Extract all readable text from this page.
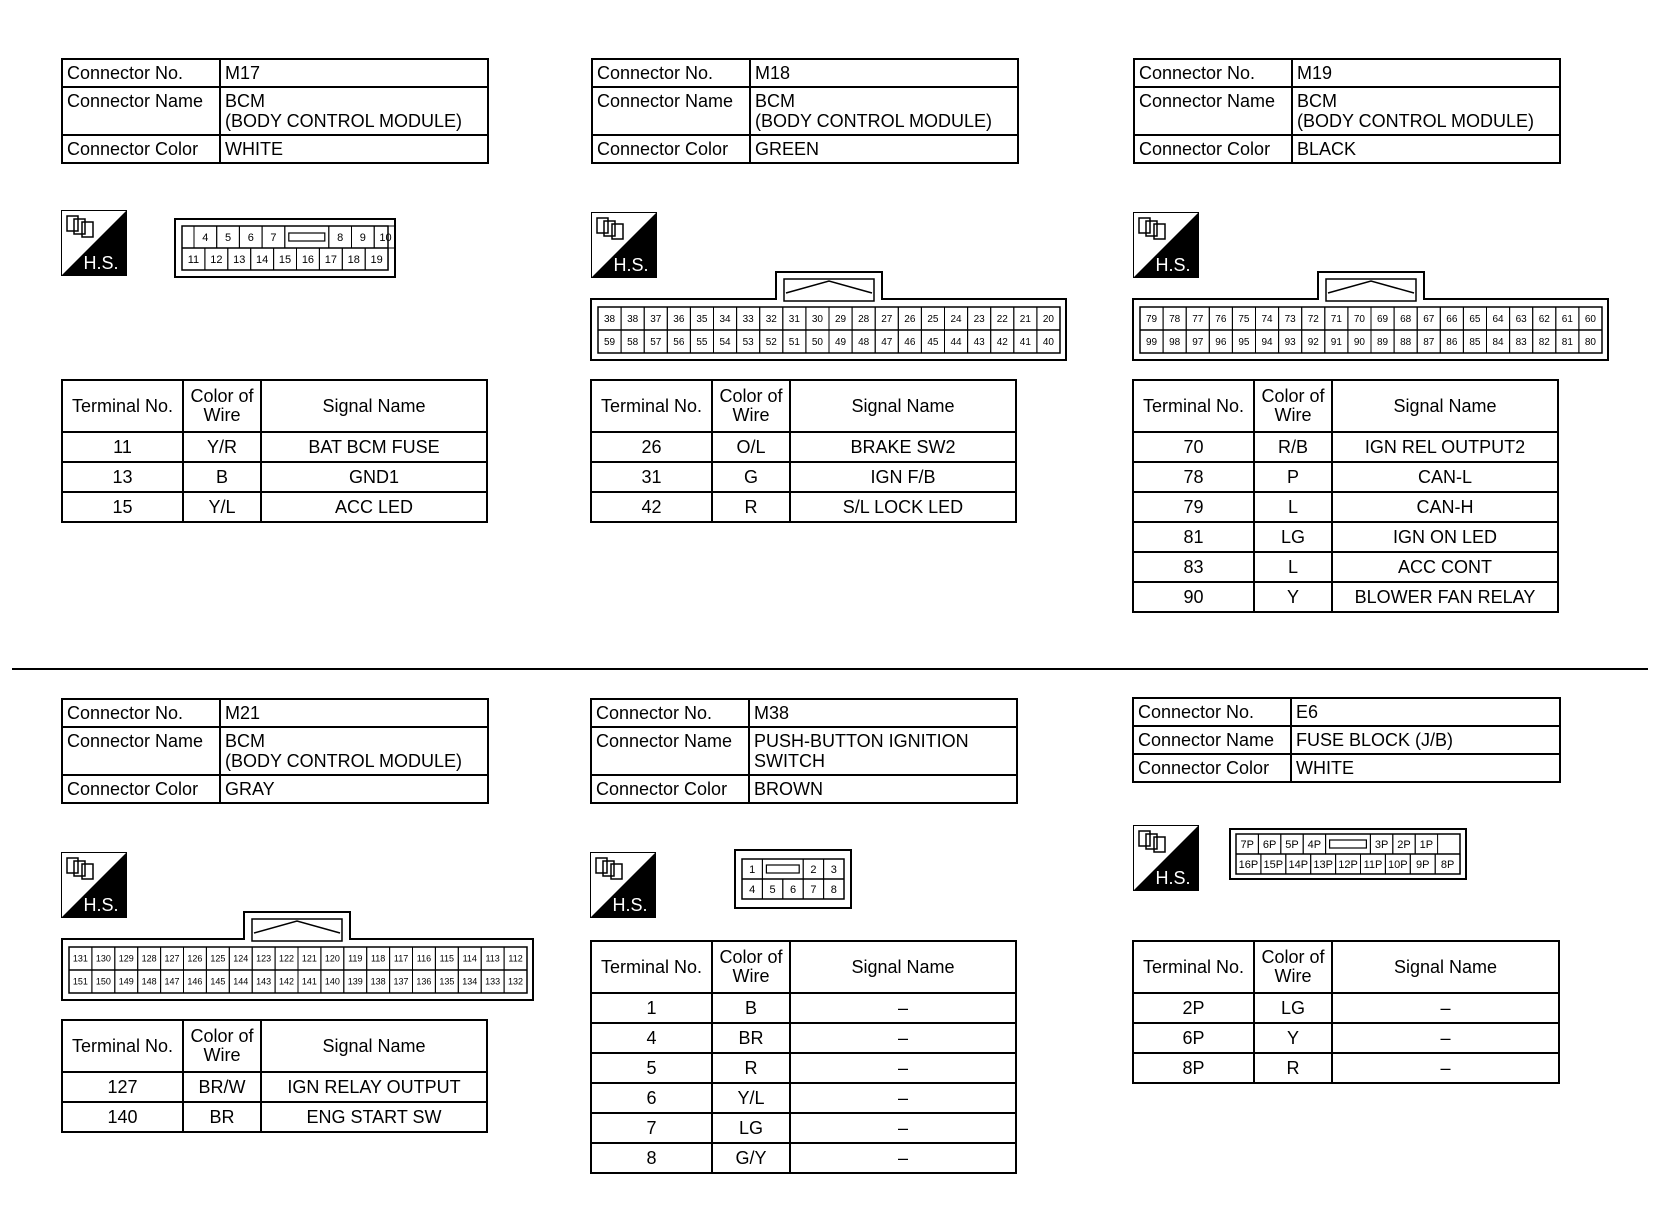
Connector No.	M17
Connector Name	BCM
(BODY CONTROL MODULE)
Connector Color	WHITE
H.S.
4 5 6 7	8 9 10
11 12 13 14 15 16 17 18 19
Terminal No.	Color of Wire	Signal Name
11	Y/R	BAT BCM FUSE
13	B	GND1
15	Y/L	ACC LED
Connector No.	M18
Connector Name	BCM
(BODY CONTROL MODULE)
Connector Color	GREEN
H.S.
38 38 37 36 35 34 33 32 31 30 29 28 27 26 25 24 23 22 21 20
59 58 57 56 55 54 53 52 51 50 49 48 47 46 45 44 43 42 41 40
Terminal No.	Color of Wire	Signal Name
26	O/L	BRAKE SW2
31	G	IGN F/B
42	R	S/L LOCK LED
Connector No.	M19
Connector Name	BCM
(BODY CONTROL MODULE)
Connector Color	BLACK
H.S.
79 78 77 76 75 74 73 72 71 70 69 68 67 66 65 64 63 62 61 60
99 98 97 96 95 94 93 92 91 90 89 88 87 86 85 84 83 82 81 80
Terminal No.	Color of Wire	Signal Name
70	R/B	IGN REL OUTPUT2
78	P	CAN-L
79	L	CAN-H
81	LG	IGN ON LED
83	L	ACC CONT
90	Y	BLOWER FAN RELAY
Connector No.	M21
Connector Name	BCM
(BODY CONTROL MODULE)
Connector Color	GRAY
H.S.
131 130 129 128 127 126 125 124 123 122 121 120 119 118 117 116 115 114 113 112
151 150 149 148 147 146 145 144 143 142 141 140 139 138 137 136 135 134 133 132
Terminal No.	Color of Wire	Signal Name
127	BR/W	IGN RELAY OUTPUT
140	BR	ENG START SW
Connector No.	M38
Connector Name	PUSH-BUTTON IGNITION
SWITCH
Connector Color	BROWN
H.S.
1	2 3
4 5 6 7 8
Terminal No.	Color of Wire	Signal Name
1	B	–
4	BR	–
5	R	–
6	Y/L	–
7	LG	–
8	G/Y	–
Connector No.	E6
Connector Name	FUSE BLOCK (J/B)
Connector Color	WHITE
H.S.
7P 6P 5P 4P	3P 2P 1P
16P 15P 14P 13P 12P 11P 10P 9P 8P
Terminal No.	Color of Wire	Signal Name
2P	LG	–
6P	Y	–
8P	R	–
